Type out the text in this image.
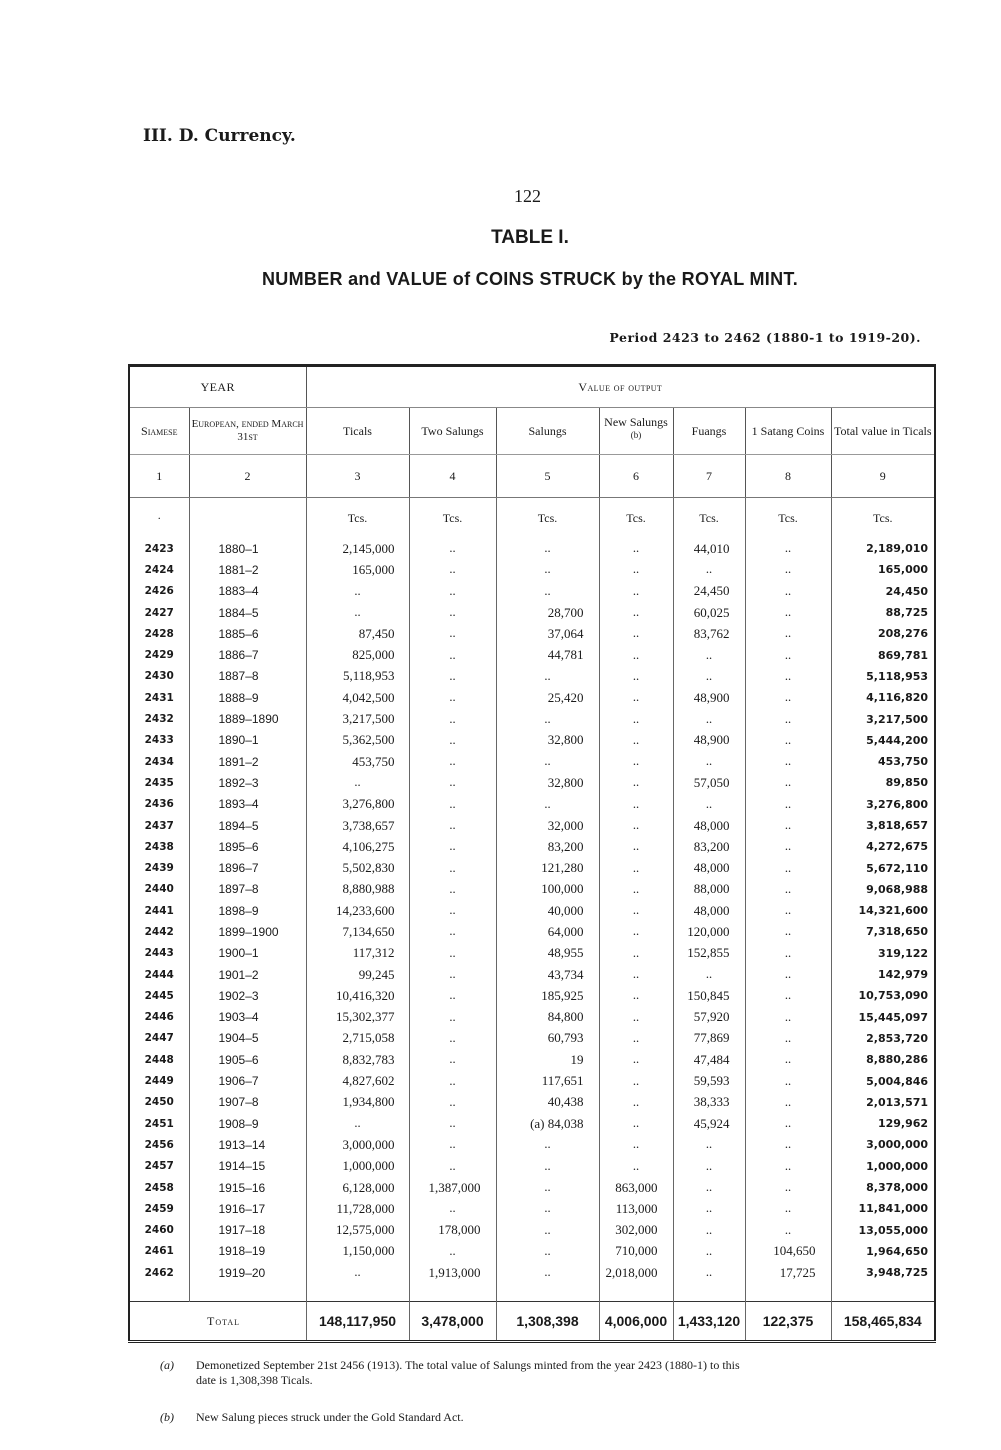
III. D. Currency.
122
TABLE I.
NUMBER and VALUE of COINS STRUCK by the ROYAL MINT.
Period 2423 to 2462 (1880-1 to 1919-20).
YEAR		Value of output						
Siamese	European, ended March 31st	Ticals	Two Salungs	Salungs	New Salungs $^{(b)}$	Fuangs	1 Satang Coins	Total value in Ticals
1	2	3	4	5	6	7	8	9
·		Tcs.	Tcs.	Tcs.	Tcs.	Tcs.	Tcs.	Tcs.
2423	1880–1	2,145,000	..	..	..	44,010	..	2,189,010
2424	1881–2	165,000	..	..	..	..	..	165,000
2426	1883–4	..	..	..	..	24,450	..	24,450
2427	1884–5	..	..	28,700	..	60,025	..	88,725
2428	1885–6	87,450	..	37,064	..	83,762	..	208,276
2429	1886–7	825,000	..	44,781	..	..	..	869,781
2430	1887–8	5,118,953	..	..	..	..	..	5,118,953
2431	1888–9	4,042,500	..	25,420	..	48,900	..	4,116,820
2432	1889–1890	3,217,500	..	..	..	..	..	3,217,500
2433	1890–1	5,362,500	..	32,800	..	48,900	..	5,444,200
2434	1891–2	453,750	..	..	..	..	..	453,750
2435	1892–3	..	..	32,800	..	57,050	..	89,850
2436	1893–4	3,276,800	..	..	..	..	..	3,276,800
2437	1894–5	3,738,657	..	32,000	..	48,000	..	3,818,657
2438	1895–6	4,106,275	..	83,200	..	83,200	..	4,272,675
2439	1896–7	5,502,830	..	121,280	..	48,000	..	5,672,110
2440	1897–8	8,880,988	..	100,000	..	88,000	..	9,068,988
2441	1898–9	14,233,600	..	40,000	..	48,000	..	14,321,600
2442	1899–1900	7,134,650	..	64,000	..	120,000	..	7,318,650
2443	1900–1	117,312	..	48,955	..	152,855	..	319,122
2444	1901–2	99,245	..	43,734	..	..	..	142,979
2445	1902–3	10,416,320	..	185,925	..	150,845	..	10,753,090
2446	1903–4	15,302,377	..	84,800	..	57,920	..	15,445,097
2447	1904–5	2,715,058	..	60,793	..	77,869	..	2,853,720
2448	1905–6	8,832,783	..	19	..	47,484	..	8,880,286
2449	1906–7	4,827,602	..	117,651	..	59,593	..	5,004,846
2450	1907–8	1,934,800	..	40,438	..	38,333	..	2,013,571
2451	1908–9	..	..	(a) 84,038	..	45,924	..	129,962
2456	1913–14	3,000,000	..	..	..	..	..	3,000,000
2457	1914–15	1,000,000	..	..	..	..	..	1,000,000
2458	1915–16	6,128,000	1,387,000	..	863,000	..	..	8,378,000
2459	1916–17	11,728,000	..	..	113,000	..	..	11,841,000
2460	1917–18	12,575,000	178,000	..	302,000	..	..	13,055,000
2461	1918–19	1,150,000	..	..	710,000	..	104,650	1,964,650
2462	1919–20	..	1,913,000	..	2,018,000	..	17,725	3,948,725

Total		148,117,950	3,478,000	1,308,398	4,006,000	1,433,120	122,375	158,465,834
(a) Demonetized September 21st 2456 (1913). The total value of Salungs minted from the year 2423 (1880-1) to this
date is 1,308,398 Ticals.
(b) New Salung pieces struck under the Gold Standard Act.
